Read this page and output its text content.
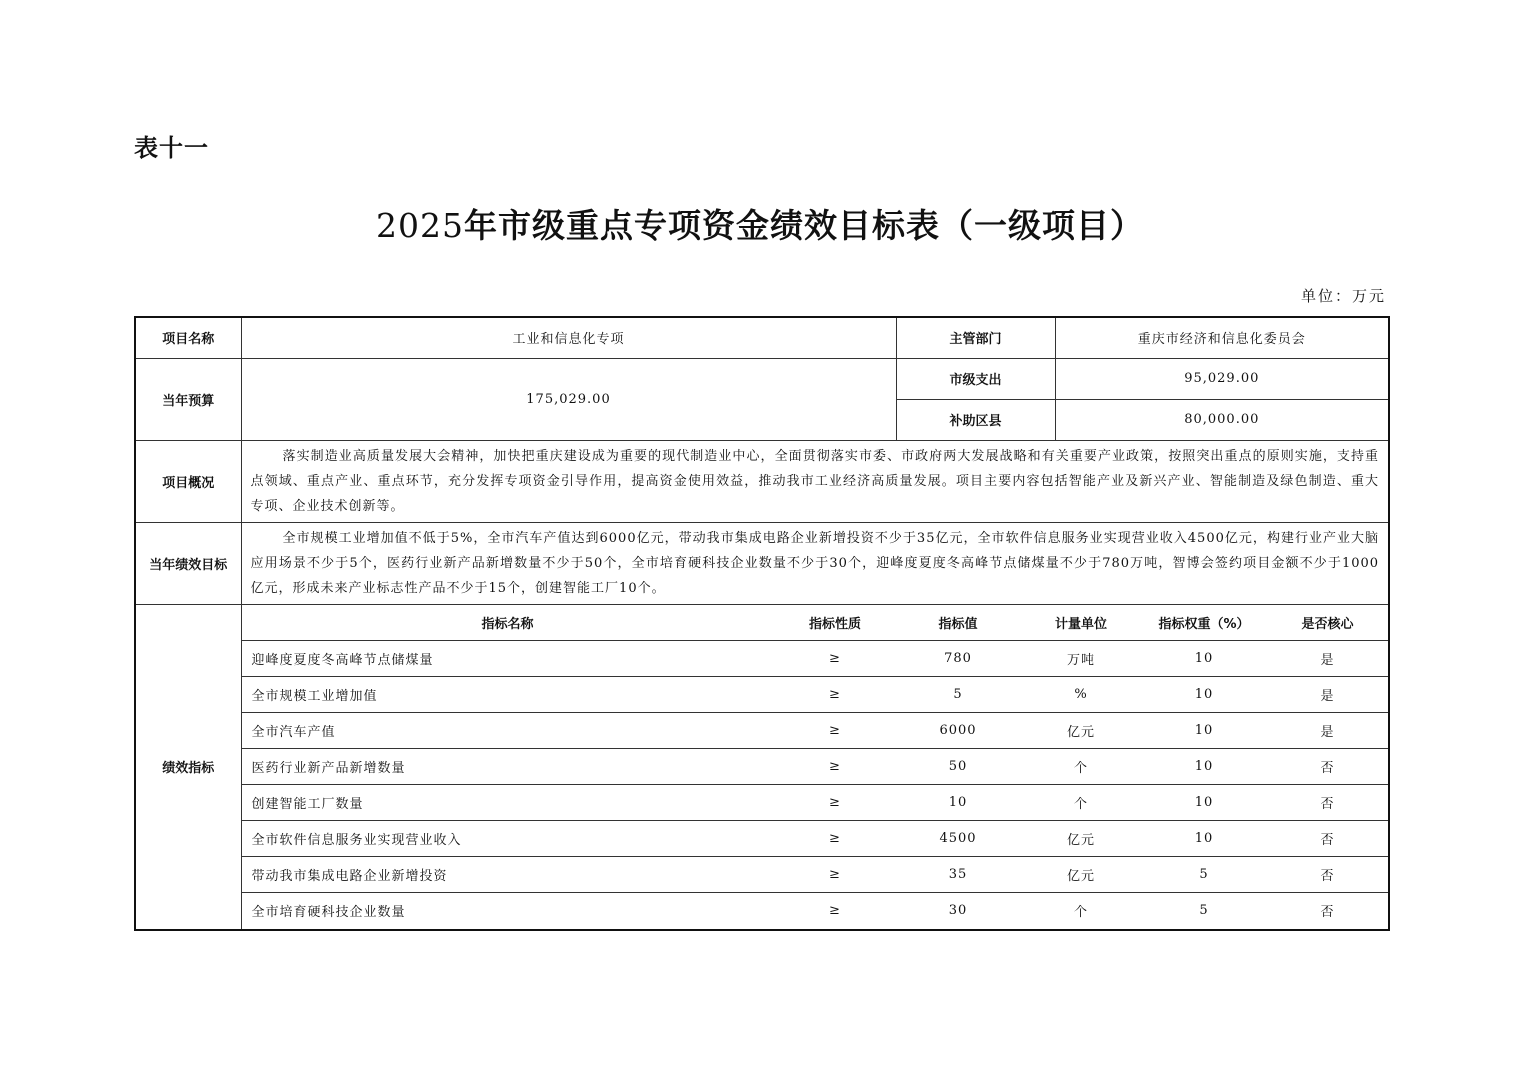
表十一
2025年市级重点专项资金绩效目标表（一级项目）
单位：万元
项目名称	工业和信息化专项	主管部门	重庆市经济和信息化委员会
当年预算	175,029.00	市级支出	95,029.00
补助区县	80,000.00
项目概况	落实制造业高质量发展大会精神，加快把重庆建设成为重要的现代制造业中心，全面贯彻落实市委、市政府两大发展战略和有关重要产业政策，按照突出重点的原则实施，支持重点领域、重点产业、重点环节，充分发挥专项资金引导作用，提高资金使用效益，推动我市工业经济高质量发展。项目主要内容包括智能产业及新兴产业、智能制造及绿色制造、重大专项、企业技术创新等。
当年绩效目标	全市规模工业增加值不低于5%，全市汽车产值达到6000亿元，带动我市集成电路企业新增投资不少于35亿元，全市软件信息服务业实现营业收入4500亿元，构建行业产业大脑应用场景不少于5个，医药行业新产品新增数量不少于50个，全市培育硬科技企业数量不少于30个，迎峰度夏度冬高峰节点储煤量不少于780万吨，智博会签约项目金额不少于1000亿元，形成未来产业标志性产品不少于15个，创建智能工厂10个。
绩效指标	
指标名称	指标性质	指标值	计量单位	指标权重（%）	是否核心
迎峰度夏度冬高峰节点储煤量	≥	780	万吨	10	是
全市规模工业增加值	≥	5	%	10	是
全市汽车产值	≥	6000	亿元	10	是
医药行业新产品新增数量	≥	50	个	10	否
创建智能工厂数量	≥	10	个	10	否
全市软件信息服务业实现营业收入	≥	4500	亿元	10	否
带动我市集成电路企业新增投资	≥	35	亿元	5	否
全市培育硬科技企业数量	≥	30	个	5	否
